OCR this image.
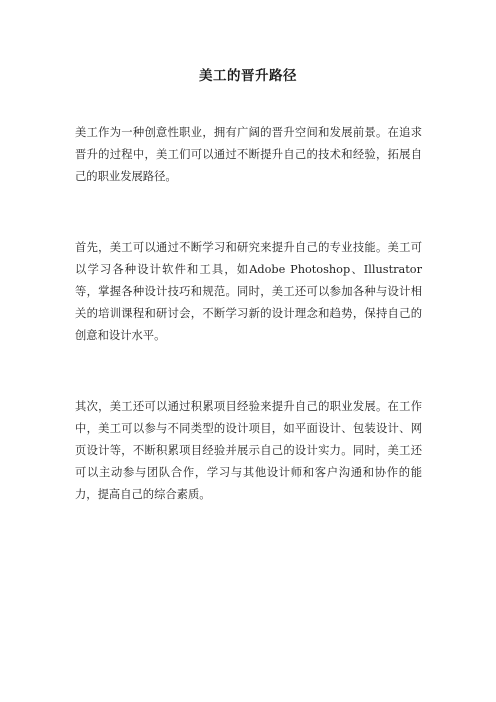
美工的晋升路径
美工作为一种创意性职业，拥有广阔的晋升空间和发展前景。在追求晋升的过程中，美工们可以通过不断提升自己的技术和经验，拓展自己的职业发展路径。
首先，美工可以通过不断学习和研究来提升自己的专业技能。美工可以学习各种设计软件和工具，如Adobe Photoshop、Illustrator等，掌握各种设计技巧和规范。同时，美工还可以参加各种与设计相关的培训课程和研讨会，不断学习新的设计理念和趋势，保持自己的创意和设计水平。
其次，美工还可以通过积累项目经验来提升自己的职业发展。在工作中，美工可以参与不同类型的设计项目，如平面设计、包装设计、网页设计等，不断积累项目经验并展示自己的设计实力。同时，美工还可以主动参与团队合作，学习与其他设计师和客户沟通和协作的能力，提高自己的综合素质。
